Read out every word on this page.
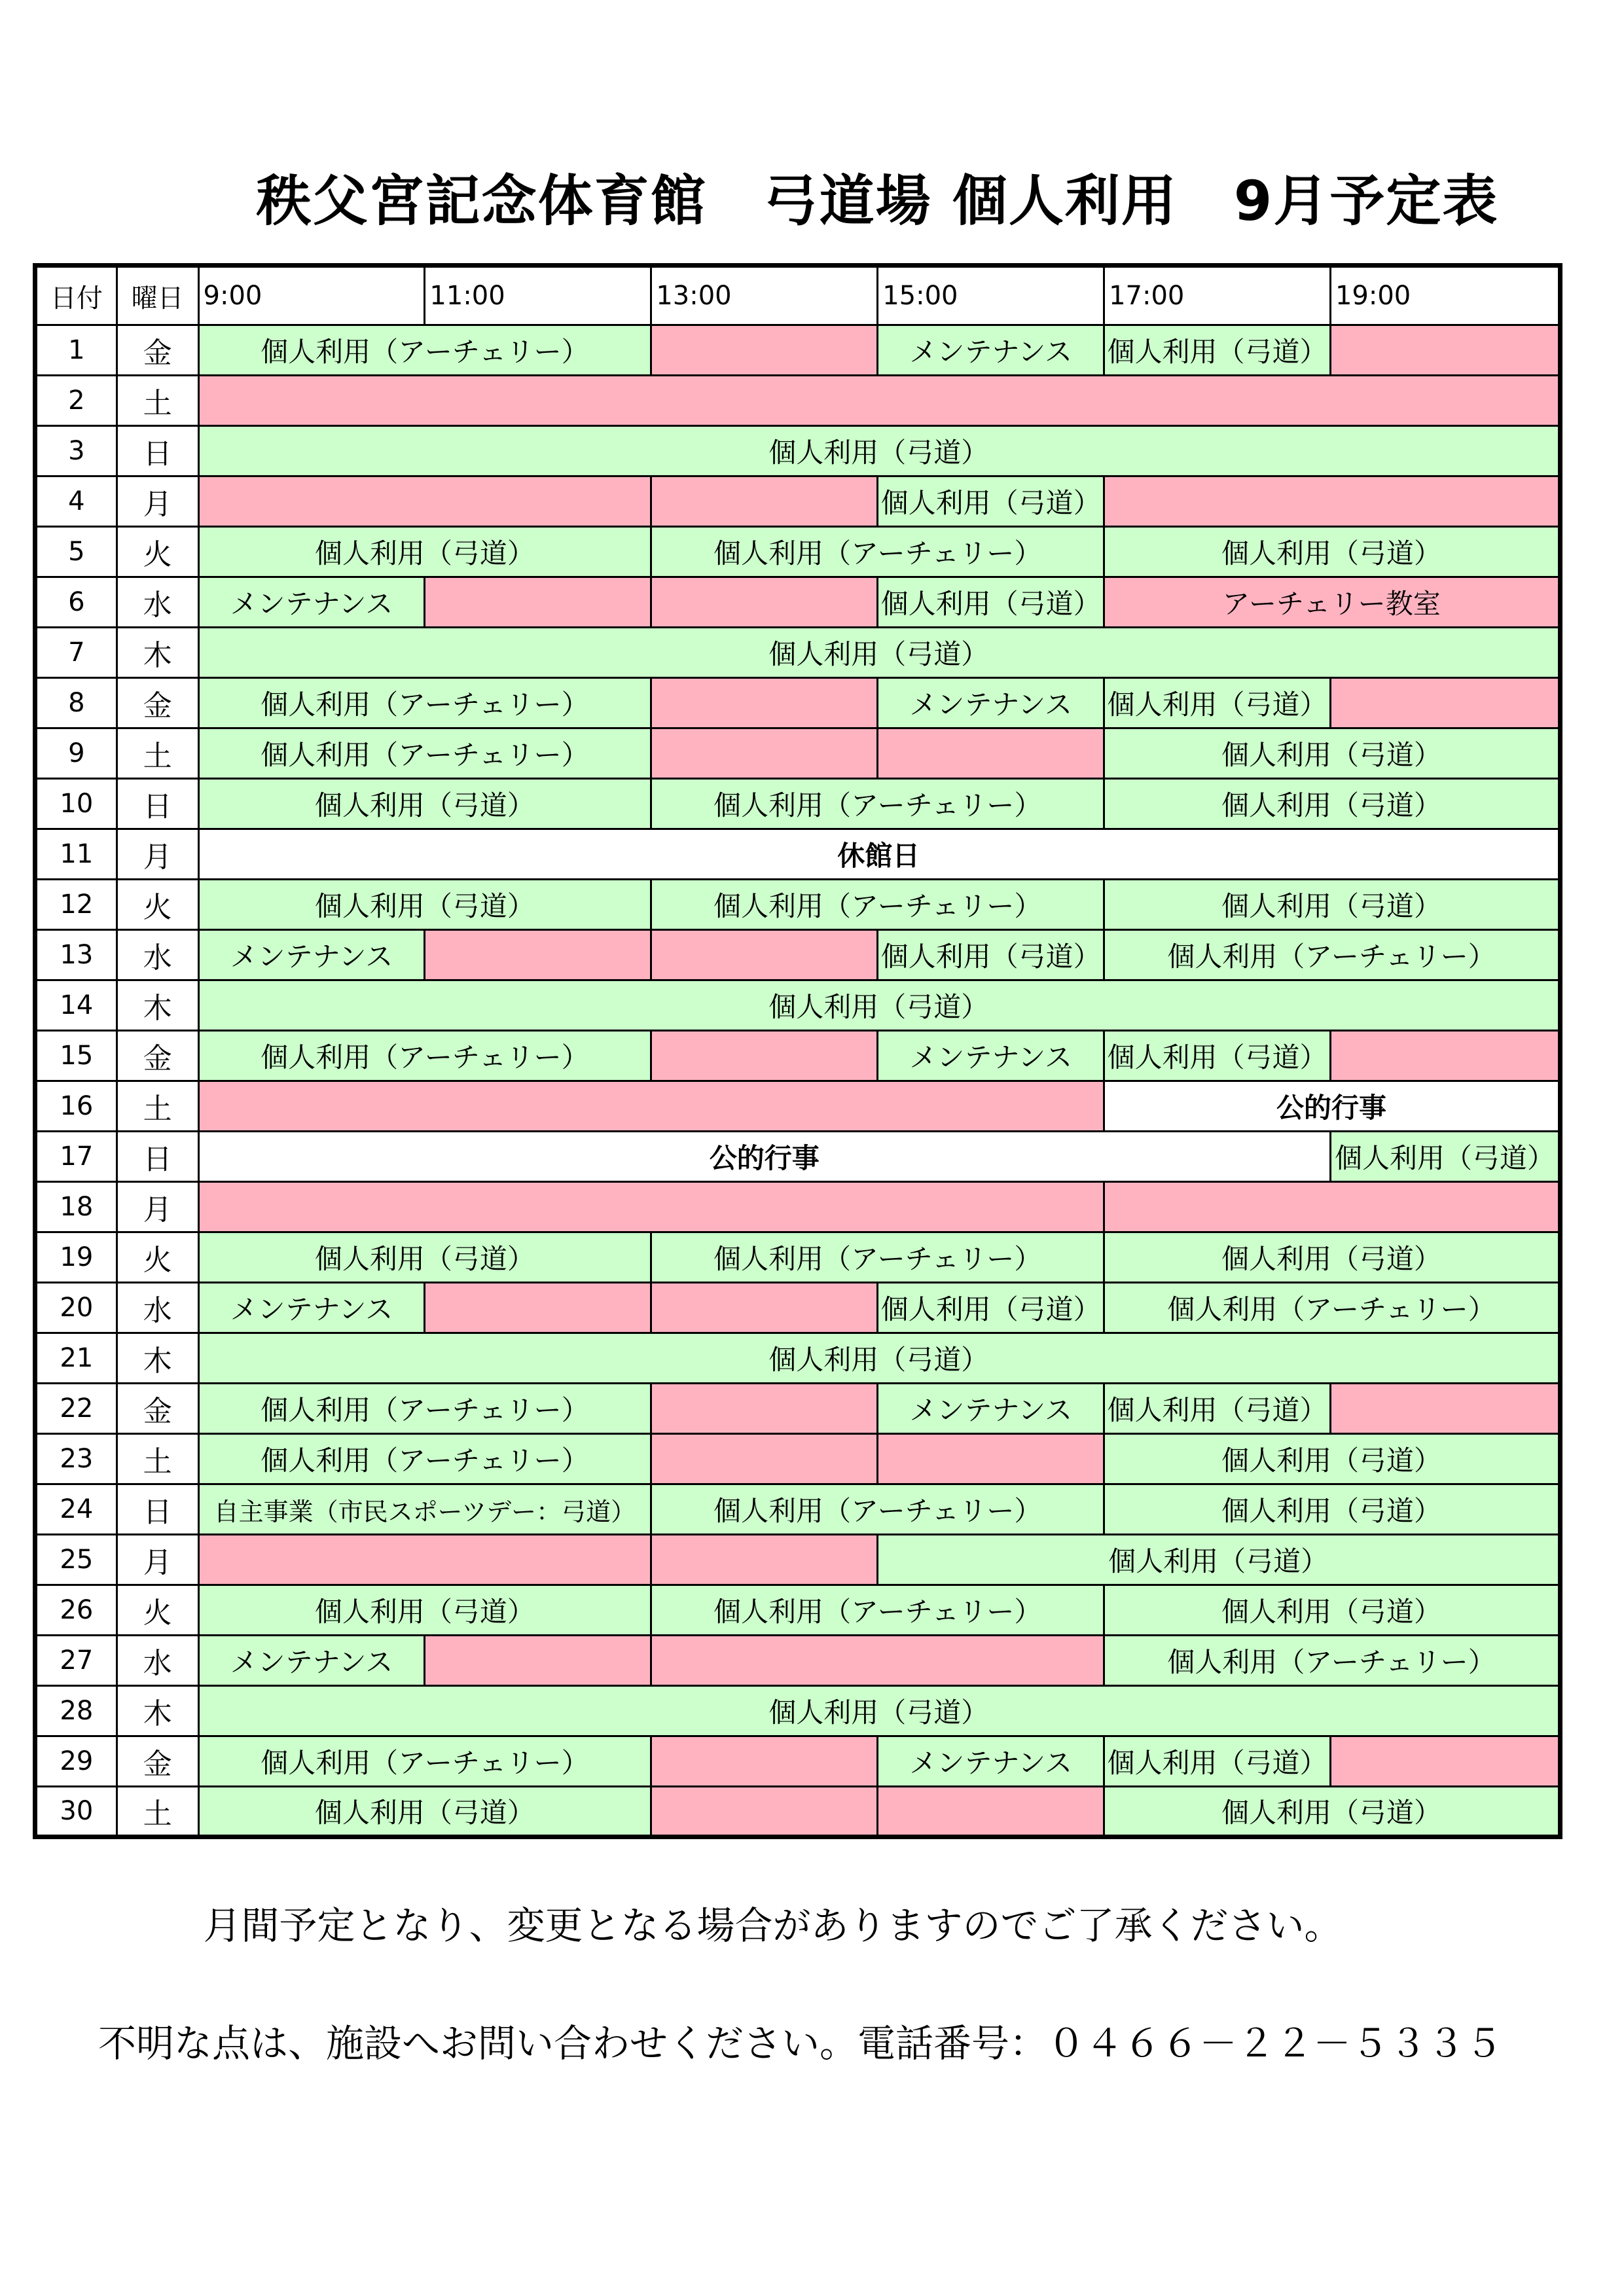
秩父宮記念体育館　弓道場 個人利用　9月予定表
日付	曜日	9:00	11:00	13:00	15:00	17:00	19:00
1	金	個人利用（アーチェリー）			メンテナンス	個人利用（弓道）	
2	土						
3	日	個人利用（弓道）					
4	月				個人利用（弓道）		
5	火	個人利用（弓道）		個人利用（アーチェリー）		個人利用（弓道）	
6	水	メンテナンス			個人利用（弓道）	アーチェリー教室	
7	木	個人利用（弓道）					
8	金	個人利用（アーチェリー）			メンテナンス	個人利用（弓道）	
9	土	個人利用（アーチェリー）				個人利用（弓道）	
10	日	個人利用（弓道）		個人利用（アーチェリー）		個人利用（弓道）	
11	月	休館日					
12	火	個人利用（弓道）		個人利用（アーチェリー）		個人利用（弓道）	
13	水	メンテナンス			個人利用（弓道）	個人利用（アーチェリー）	
14	木	個人利用（弓道）					
15	金	個人利用（アーチェリー）			メンテナンス	個人利用（弓道）	
16	土					公的行事	
17	日	公的行事					個人利用（弓道）
18	月						
19	火	個人利用（弓道）		個人利用（アーチェリー）		個人利用（弓道）	
20	水	メンテナンス			個人利用（弓道）	個人利用（アーチェリー）	
21	木	個人利用（弓道）					
22	金	個人利用（アーチェリー）			メンテナンス	個人利用（弓道）	
23	土	個人利用（アーチェリー）				個人利用（弓道）	
24	日	自主事業（市民スポーツデー：弓道）		個人利用（アーチェリー）		個人利用（弓道）	
25	月				個人利用（弓道）		
26	火	個人利用（弓道）		個人利用（アーチェリー）		個人利用（弓道）	
27	水	メンテナンス				個人利用（アーチェリー）	
28	木	個人利用（弓道）					
29	金	個人利用（アーチェリー）			メンテナンス	個人利用（弓道）	
30	土	個人利用（弓道）				個人利用（弓道）	
月間予定となり、変更となる場合がありますのでご了承ください。
不明な点は、施設へお問い合わせください。電話番号：０４６６－２２－５３３５
